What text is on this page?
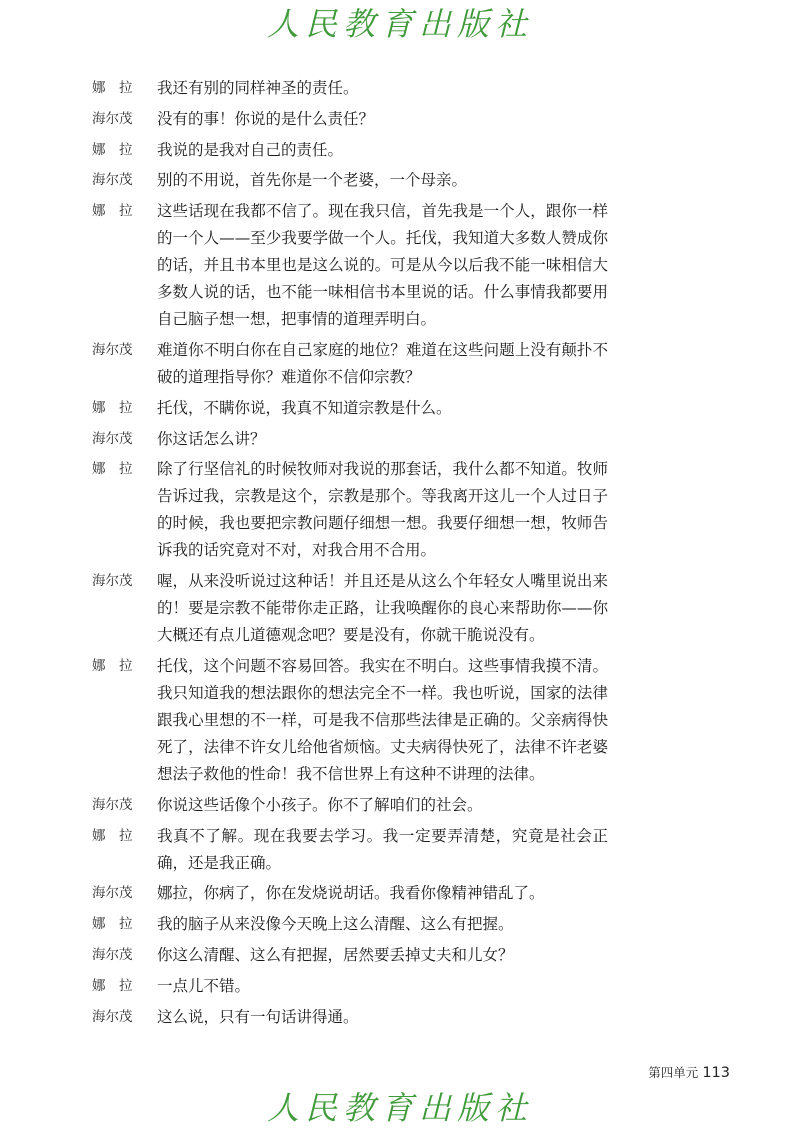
人民教育出版社
娜　拉	我还有别的同样神圣的责任。
海尔茂	没有的事！你说的是什么责任？
娜　拉	我说的是我对自己的责任。
海尔茂	别的不用说，首先你是一个老婆，一个母亲。
娜　拉	这些话现在我都不信了。现在我只信，首先我是一个人，跟你一样的一个人——至少我要学做一个人。托伐，我知道大多数人赞成你的话，并且书本里也是这么说的。可是从今以后我不能一味相信大多数人说的话，也不能一味相信书本里说的话。什么事情我都要用自己脑子想一想，把事情的道理弄明白。
海尔茂	难道你不明白你在自己家庭的地位？难道在这些问题上没有颠扑不破的道理指导你？难道你不信仰宗教？
娜　拉	托伐，不瞒你说，我真不知道宗教是什么。
海尔茂	你这话怎么讲？
娜　拉	除了行坚信礼的时候牧师对我说的那套话，我什么都不知道。牧师告诉过我，宗教是这个，宗教是那个。等我离开这儿一个人过日子的时候，我也要把宗教问题仔细想一想。我要仔细想一想，牧师告诉我的话究竟对不对，对我合用不合用。
海尔茂	喔，从来没听说过这种话！并且还是从这么个年轻女人嘴里说出来的！要是宗教不能带你走正路，让我唤醒你的良心来帮助你——你大概还有点儿道德观念吧？要是没有，你就干脆说没有。
娜　拉	托伐，这个问题不容易回答。我实在不明白。这些事情我摸不清。我只知道我的想法跟你的想法完全不一样。我也听说，国家的法律跟我心里想的不一样，可是我不信那些法律是正确的。父亲病得快死了，法律不许女儿给他省烦恼。丈夫病得快死了，法律不许老婆想法子救他的性命！我不信世界上有这种不讲理的法律。
海尔茂	你说这些话像个小孩子。你不了解咱们的社会。
娜　拉	我真不了解。现在我要去学习。我一定要弄清楚，究竟是社会正确，还是我正确。
海尔茂	娜拉，你病了，你在发烧说胡话。我看你像精神错乱了。
娜　拉	我的脑子从来没像今天晚上这么清醒、这么有把握。
海尔茂	你这么清醒、这么有把握，居然要丢掉丈夫和儿女？
娜　拉	一点儿不错。
海尔茂	这么说，只有一句话讲得通。
第四单元 113
人民教育出版社
